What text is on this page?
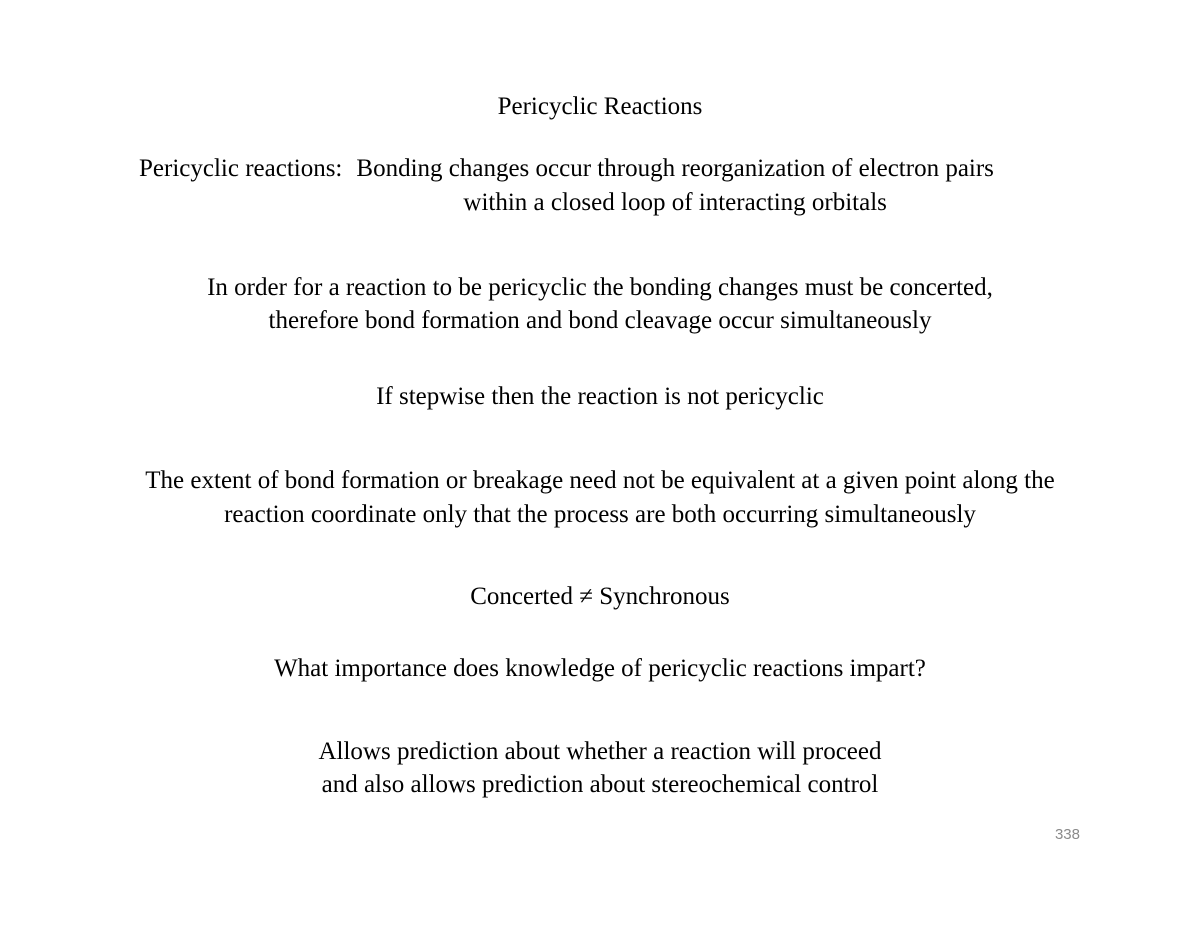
Pericyclic Reactions

Pericyclic reactions: Bonding changes occur through reorganization of electron pairs
within a closed loop of interacting orbitals

In order for a reaction to be pericyclic the bonding changes must be concerted,

therefore bond formation and bond cleavage occur simultaneously

If stepwise then the reaction is not pericyclic

The extent of bond formation or breakage need not be equivalent at a given point along the

reaction coordinate only that the process are both occurring simultaneously

Concerted ≠ Synchronous

What importance does knowledge of pericyclic reactions impart?

Allows prediction about whether a reaction will proceed

and also allows prediction about stereochemical control

338
